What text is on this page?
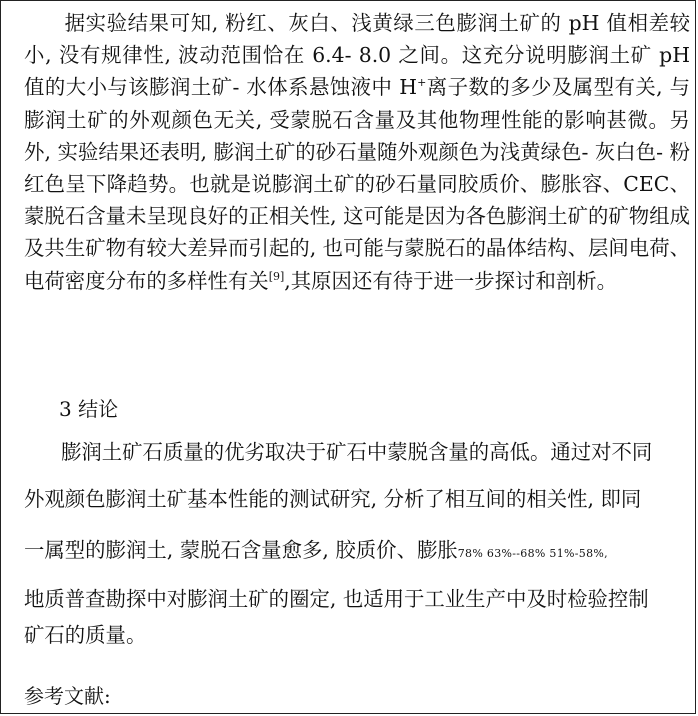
据实验结果可知, 粉红、灰白、浅黄绿三色膨润土矿的 pH 值相差较小, 没有规律性, 波动范围恰在 6.4- 8.0 之间。这充分说明膨润土矿 pH 值的大小与该膨润土矿- 水体系悬蚀液中 H+离子数的多少及属型有关, 与膨润土矿的外观颜色无关, 受蒙脱石含量及其他物理性能的影响甚微。另外, 实验结果还表明, 膨润土矿的砂石量随外观颜色为浅黄绿色- 灰白色- 粉红色呈下降趋势。也就是说膨润土矿的砂石量同胶质价、膨胀容、CEC、蒙脱石含量未呈现良好的正相关性, 这可能是因为各色膨润土矿的矿物组成及共生矿物有较大差异而引起的, 也可能与蒙脱石的晶体结构、层间电荷、电荷密度分布的多样性有关[9],其原因还有待于进一步探讨和剖析。

3 结论

膨润土矿石质量的优劣取决于矿石中蒙脱含量的高低。通过对不同

外观颜色膨润土矿基本性能的测试研究, 分析了相互间的相关性, 即同

一属型的膨润土, 蒙脱石含量愈多, 胶质价、膨胀78% 63%--68% 51%-58%,

地质普查勘探中对膨润土矿的圈定, 也适用于工业生产中及时检验控制

矿石的质量。

参考文献:
